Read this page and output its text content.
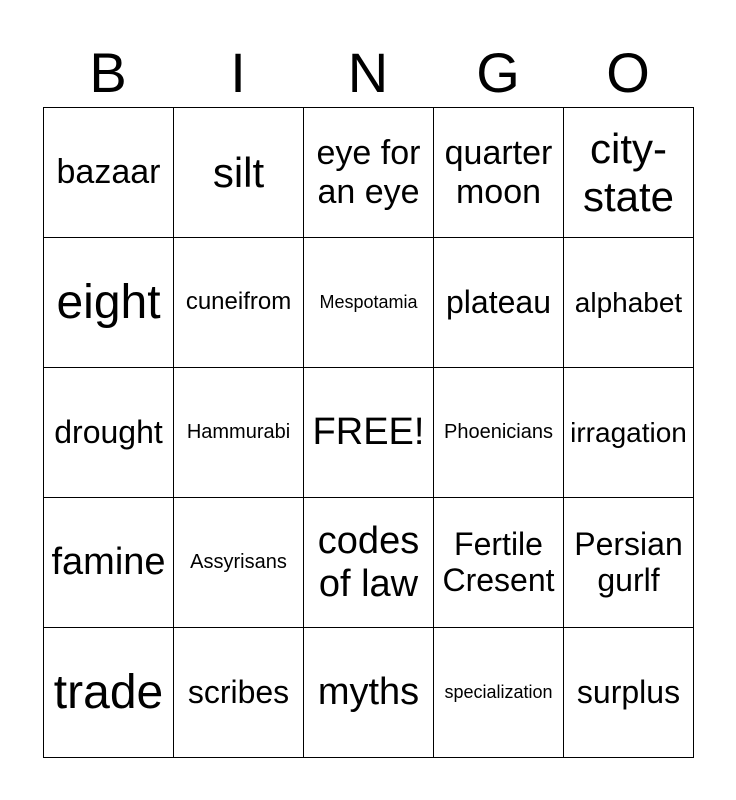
B	I	N	G	O
bazaar	silt	eye for an eye	quarter moon	city-state
eight	cuneifrom	Mespotamia	plateau	alphabet
drought	Hammurabi	FREE!	Phoenicians	irragation
famine	Assyrisans	codes of law	Fertile Cresent	Persian gurlf
trade	scribes	myths	specialization	surplus
